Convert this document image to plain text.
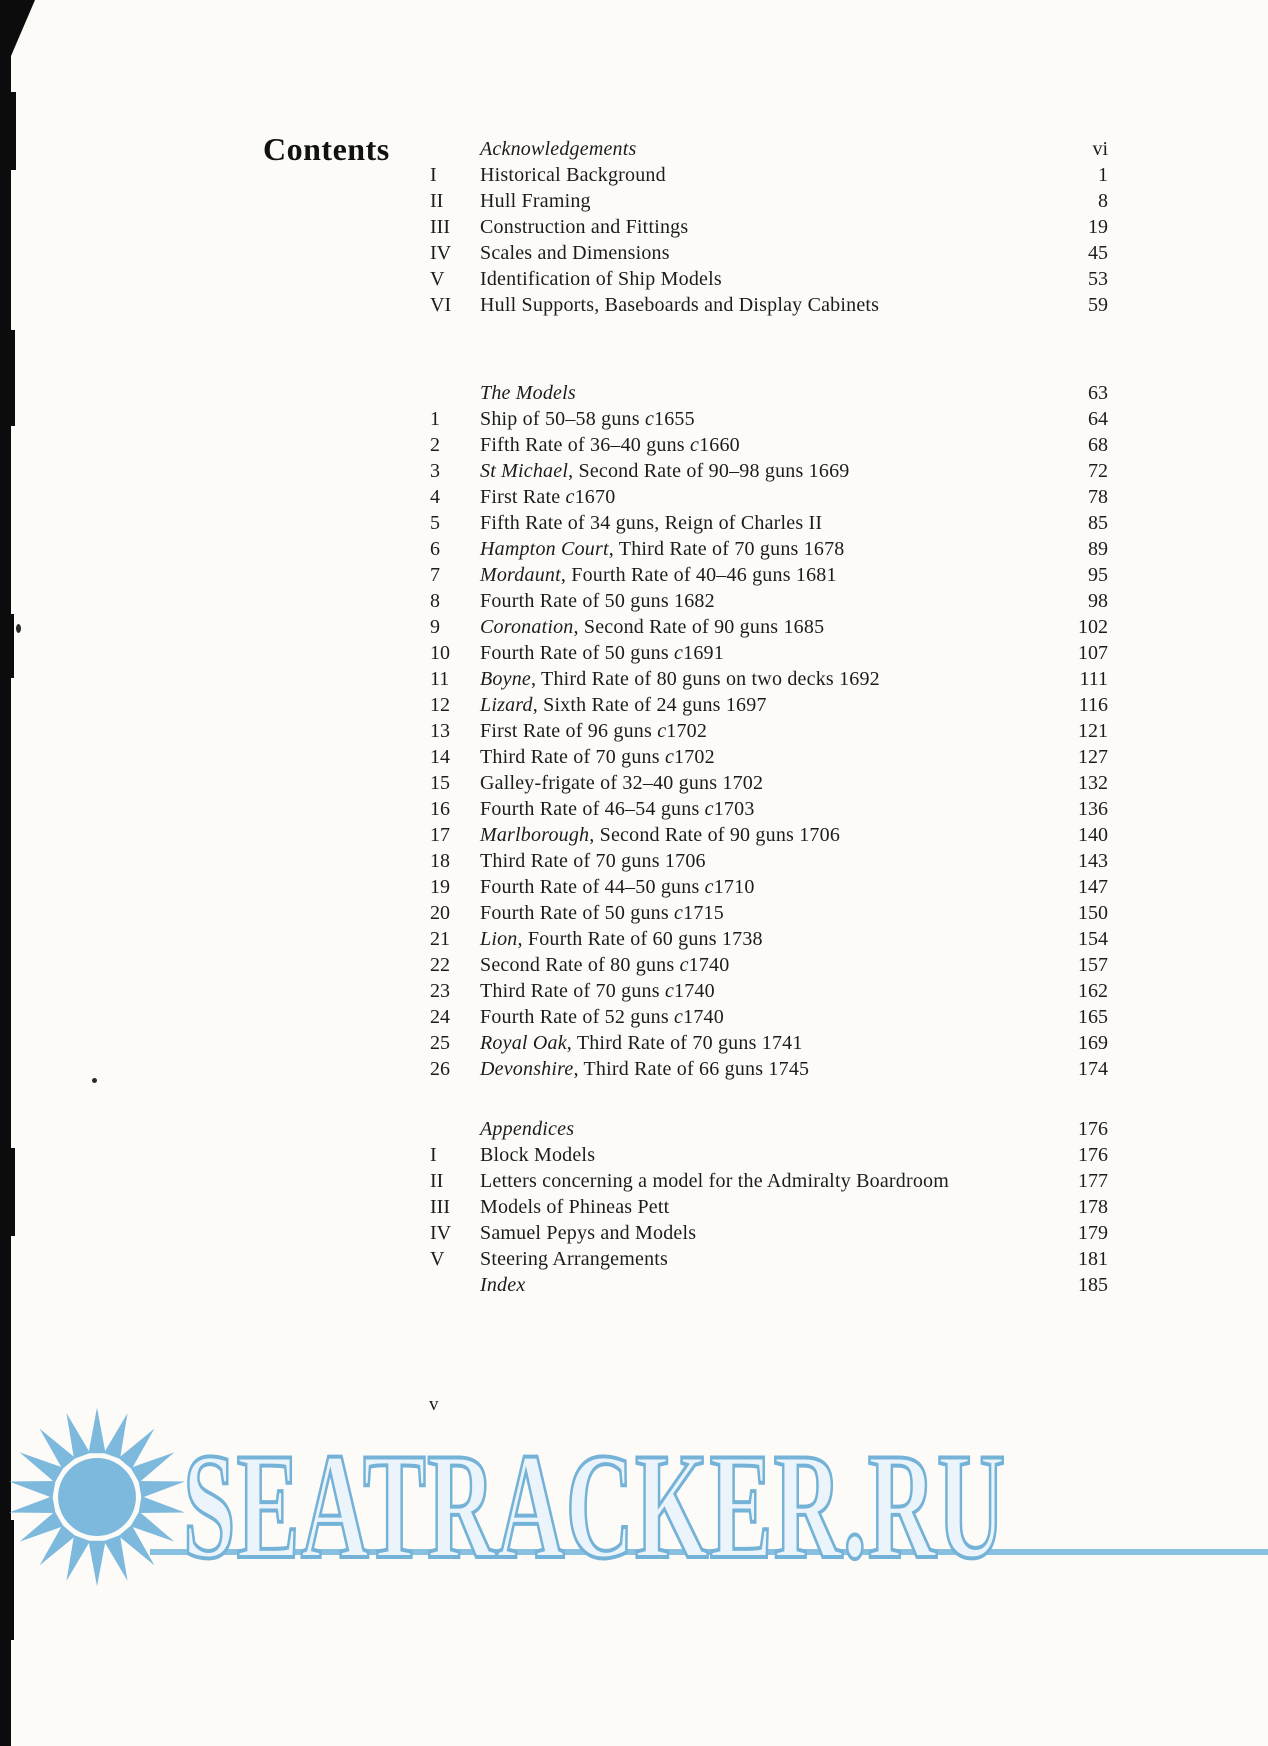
Contents	Acknowledgements	vi
I	Historical Background	1
II	Hull Framing	8
III	Construction and Fittings	19
IV	Scales and Dimensions	45
V	Identification of Ship Models	53
VI	Hull Supports, Baseboards and Display Cabinets	59
The Models	63
1	Ship of 50–58 guns c1655	64
2	Fifth Rate of 36–40 guns c1660	68
3	St Michael, Second Rate of 90–98 guns 1669	72
4	First Rate c1670	78
5	Fifth Rate of 34 guns, Reign of Charles II	85
6	Hampton Court, Third Rate of 70 guns 1678	89
7	Mordaunt, Fourth Rate of 40–46 guns 1681	95
8	Fourth Rate of 50 guns 1682	98
9	Coronation, Second Rate of 90 guns 1685	102
10	Fourth Rate of 50 guns c1691	107
11	Boyne, Third Rate of 80 guns on two decks 1692	111
12	Lizard, Sixth Rate of 24 guns 1697	116
13	First Rate of 96 guns c1702	121
14	Third Rate of 70 guns c1702	127
15	Galley-frigate of 32–40 guns 1702	132
16	Fourth Rate of 46–54 guns c1703	136
17	Marlborough, Second Rate of 90 guns 1706	140
18	Third Rate of 70 guns 1706	143
19	Fourth Rate of 44–50 guns c1710	147
20	Fourth Rate of 50 guns c1715	150
21	Lion, Fourth Rate of 60 guns 1738	154
22	Second Rate of 80 guns c1740	157
23	Third Rate of 70 guns c1740	162
24	Fourth Rate of 52 guns c1740	165
25	Royal Oak, Third Rate of 70 guns 1741	169
26	Devonshire, Third Rate of 66 guns 1745	174
Appendices	176
I	Block Models	176
II	Letters concerning a model for the Admiralty Boardroom	177
III	Models of Phineas Pett	178
IV	Samuel Pepys and Models	179
V	Steering Arrangements	181
Index	185
v
SEATRACKER.RU
